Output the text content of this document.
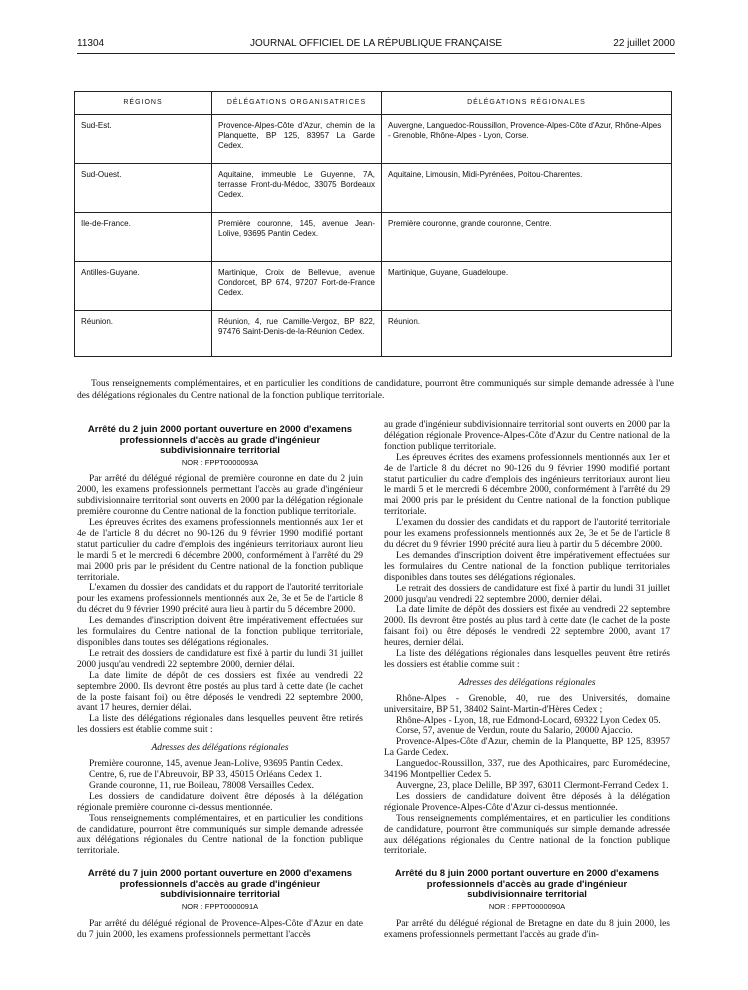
11304	JOURNAL OFFICIEL DE LA RÉPUBLIQUE FRANÇAISE	22 juillet 2000
RÉGIONS	DÉLÉGATIONS ORGANISATRICES	DÉLÉGATIONS RÉGIONALES
Sud-Est.	Provence-Alpes-Côte d'Azur, chemin de la Planquette, BP 125, 83957 La Garde Cedex.	Auvergne, Languedoc-Roussillon, Provence-Alpes-Côte d'Azur, Rhône-Alpes - Grenoble, Rhône-Alpes - Lyon, Corse.
Sud-Ouest.	Aquitaine, immeuble Le Guyenne, 7A, terrasse Front-du-Médoc, 33075 Bordeaux Cedex.	Aquitaine, Limousin, Midi-Pyrénées, Poitou-Charentes.
Ile-de-France.	Première couronne, 145, avenue Jean-Lolive, 93695 Pantin Cedex.	Première couronne, grande couronne, Centre.
Antilles-Guyane.	Martinique, Croix de Bellevue, avenue Condorcet, BP 674, 97207 Fort-de-France Cedex.	Martinique, Guyane, Guadeloupe.
Réunion.	Réunion, 4, rue Camille-Vergoz, BP 822, 97476 Saint-Denis-de-la-Réunion Cedex.	Réunion.

Tous renseignements complémentaires, et en particulier les conditions de candidature, pourront être communiqués sur simple demande adressée à l'une des délégations régionales du Centre national de la fonction publique territoriale.

Arrêté du 2 juin 2000 portant ouverture en 2000 d'examens professionnels d'accès au grade d'ingénieur subdivisionnaire territorial
NOR : FPPT0000093A

Par arrêté du délégué régional de première couronne en date du 2 juin 2000, les examens professionnels permettant l'accès au grade d'ingénieur subdivisionnaire territorial sont ouverts en 2000 par la délégation régionale première couronne du Centre national de la fonction publique territoriale.

Les épreuves écrites des examens professionnels mentionnés aux 1er et 4e de l'article 8 du décret no 90-126 du 9 février 1990 modifié portant statut particulier du cadre d'emplois des ingénieurs territoriaux auront lieu le mardi 5 et le mercredi 6 décembre 2000, conformément à l'arrêté du 29 mai 2000 pris par le président du Centre national de la fonction publique territoriale.

L'examen du dossier des candidats et du rapport de l'autorité territoriale pour les examens professionnels mentionnés aux 2e, 3e et 5e de l'article 8 du décret du 9 février 1990 précité aura lieu à partir du 5 décembre 2000.

Les demandes d'inscription doivent être impérativement effectuées sur les formulaires du Centre national de la fonction publique territoriale, disponibles dans toutes ses délégations régionales.

Le retrait des dossiers de candidature est fixé à partir du lundi 31 juillet 2000 jusqu'au vendredi 22 septembre 2000, dernier délai.

La date limite de dépôt de ces dossiers est fixée au vendredi 22 septembre 2000. Ils devront être postés au plus tard à cette date (le cachet de la poste faisant foi) ou être déposés le vendredi 22 septembre 2000, avant 17 heures, dernier délai.

La liste des délégations régionales dans lesquelles peuvent être retirés les dossiers est établie comme suit :

Adresses des délégations régionales

Première couronne, 145, avenue Jean-Lolive, 93695 Pantin Cedex.

Centre, 6, rue de l'Abreuvoir, BP 33, 45015 Orléans Cedex 1.

Grande couronne, 11, rue Boileau, 78008 Versailles Cedex.

Les dossiers de candidature doivent être déposés à la délégation régionale première couronne ci-dessus mentionnée.

Tous renseignements complémentaires, et en particulier les conditions de candidature, pourront être communiqués sur simple demande adressée aux délégations régionales du Centre national de la fonction publique territoriale.

Arrêté du 7 juin 2000 portant ouverture en 2000 d'examens professionnels d'accès au grade d'ingénieur subdivisionnaire territorial
NOR : FPPT0000091A

Par arrêté du délégué régional de Provence-Alpes-Côte d'Azur en date du 7 juin 2000, les examens professionnels permettant l'accès

au grade d'ingénieur subdivisionnaire territorial sont ouverts en 2000 par la délégation régionale Provence-Alpes-Côte d'Azur du Centre national de la fonction publique territoriale.

Les épreuves écrites des examens professionnels mentionnés aux 1er et 4e de l'article 8 du décret no 90-126 du 9 février 1990 modifié portant statut particulier du cadre d'emplois des ingénieurs territoriaux auront lieu le mardi 5 et le mercredi 6 décembre 2000, conformément à l'arrêté du 29 mai 2000 pris par le président du Centre national de la fonction publique territoriale.

L'examen du dossier des candidats et du rapport de l'autorité territoriale pour les examens professionnels mentionnés aux 2e, 3e et 5e de l'article 8 du décret du 9 février 1990 précité aura lieu à partir du 5 décembre 2000.

Les demandes d'inscription doivent être impérativement effectuées sur les formulaires du Centre national de la fonction publique territoriales disponibles dans toutes ses délégations régionales.

Le retrait des dossiers de candidature est fixé à partir du lundi 31 juillet 2000 jusqu'au vendredi 22 septembre 2000, dernier délai.

La date limite de dépôt des dossiers est fixée au vendredi 22 septembre 2000. Ils devront être postés au plus tard à cette date (le cachet de la poste faisant foi) ou être déposés le vendredi 22 septembre 2000, avant 17 heures, dernier délai.

La liste des délégations régionales dans lesquelles peuvent être retirés les dossiers est établie comme suit :

Adresses des délégations régionales

Rhône-Alpes - Grenoble, 40, rue des Universités, domaine universitaire, BP 51, 38402 Saint-Martin-d'Hères Cedex ;

Rhône-Alpes - Lyon, 18, rue Edmond-Locard, 69322 Lyon Cedex 05.

Corse, 57, avenue de Verdun, route du Salario, 20000 Ajaccio.

Provence-Alpes-Côte d'Azur, chemin de la Planquette, BP 125, 83957 La Garde Cedex.

Languedoc-Roussillon, 337, rue des Apothicaires, parc Euromédecine, 34196 Montpellier Cedex 5.

Auvergne, 23, place Delille, BP 397, 63011 Clermont-Ferrand Cedex 1.

Les dossiers de candidature doivent être déposés à la délégation régionale Provence-Alpes-Côte d'Azur ci-dessus mentionnée.

Tous renseignements complémentaires, et en particulier les conditions de candidature, pourront être communiqués sur simple demande adressée aux délégations régionales du Centre national de la fonction publique territoriale.

Arrêté du 8 juin 2000 portant ouverture en 2000 d'examens professionnels d'accès au grade d'ingénieur subdivisionnaire territorial
NOR : FPPT0000090A

Par arrêté du délégué régional de Bretagne en date du 8 juin 2000, les examens professionnels permettant l'accès au grade d'in-
